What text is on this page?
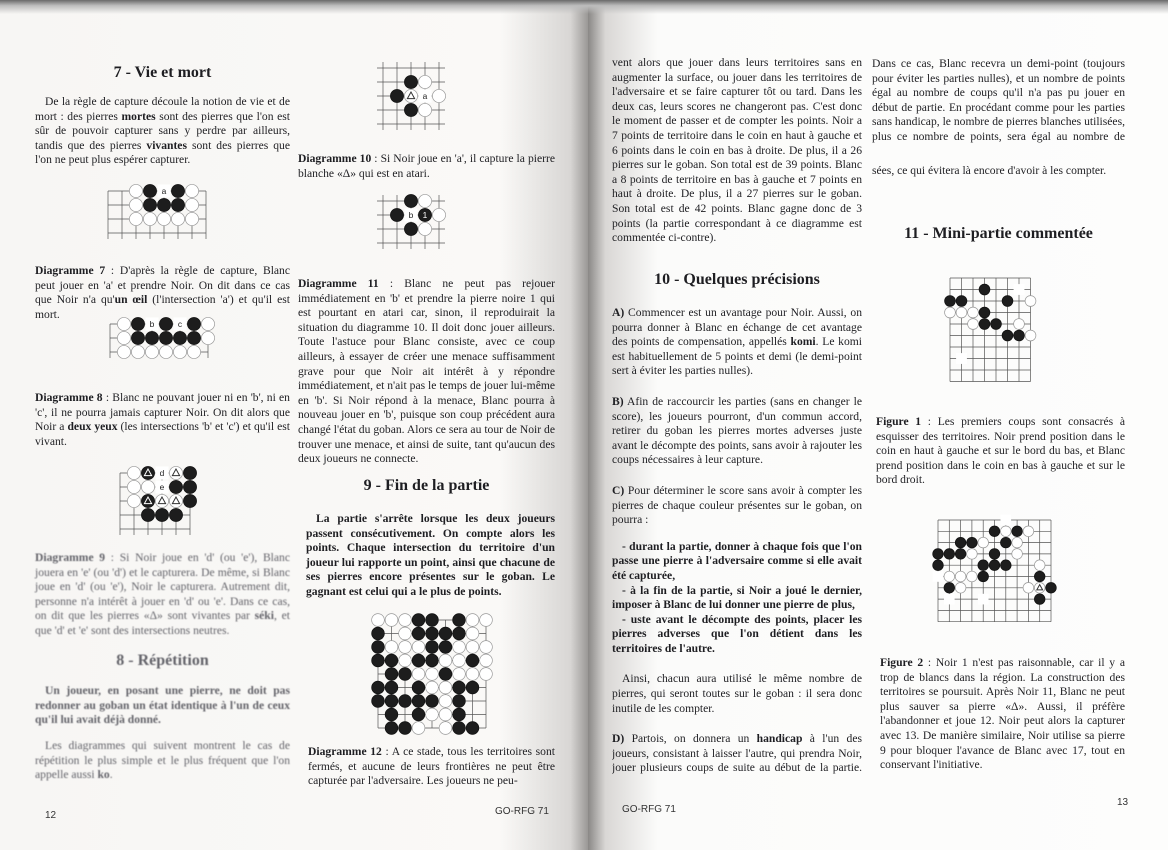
7 - Vie et mort

De la règle de capture découle la notion de vie et de mort : des pierres mortes sont des pierres que l'on est sûr de pouvoir capturer sans y perdre par ailleurs, tandis que des pierres vivantes sont des pierres que l'on ne peut plus espérer capturer.

a

Diagramme 7 : D'après la règle de capture, Blanc peut jouer en 'a' et prendre Noir. On dit dans ce cas que Noir n'a qu'un œil (l'intersection 'a') et qu'il est mort.

b	c

Diagramme 8 : Blanc ne pouvant jouer ni en 'b', ni en 'c', il ne pourra jamais capturer Noir. On dit alors que Noir a deux yeux (les intersections 'b' et 'c') et qu'il est vivant.

d
e

Diagramme 9 : Si Noir joue en 'd' (ou 'e'), Blanc jouera en 'e' (ou 'd') et le capturera. De même, si Blanc joue en 'd' (ou 'e'), Noir le capturera. Autrement dit, personne n'a intérêt à jouer en 'd' ou 'e'. Dans ce cas, on dit que les pierres «Δ» sont vivantes par séki, et que 'd' et 'e' sont des intersections neutres.

8 - Répétition

Un joueur, en posant une pierre, ne doit pas redonner au goban un état identique à l'un de ceux qu'il lui avait déjà donné.

Les diagrammes qui suivent montrent le cas de répétition le plus simple et le plus fréquent que l'on appelle aussi ko.

12
a

Diagramme 10 : Si Noir joue en 'a', il capture la pierre blanche «Δ» qui est en atari.

b 1

Diagramme 11 : Blanc ne peut pas rejouer immédiatement en 'b' et prendre la pierre noire 1 qui est pourtant en atari car, sinon, il reproduirait la situation du diagramme 10. Il doit donc jouer ailleurs. Toute l'astuce pour Blanc consiste, avec ce coup ailleurs, à essayer de créer une menace suffisamment grave pour que Noir ait intérêt à y répondre immédiatement, et n'ait pas le temps de jouer lui-même en 'b'. Si Noir répond à la menace, Blanc pourra à nouveau jouer en 'b', puisque son coup précédent aura changé l'état du goban. Alors ce sera au tour de Noir de trouver une menace, et ainsi de suite, tant qu'aucun des deux joueurs ne connecte.

9 - Fin de la partie

La partie s'arrête lorsque les deux joueurs passent consécutivement. On compte alors les points. Chaque intersection du territoire d'un joueur lui rapporte un point, ainsi que chacune de ses pierres encore présentes sur le goban. Le gagnant est celui qui a le plus de points.

Diagramme 12 : A ce stade, tous les territoires sont fermés, et aucune de leurs frontières ne peut être capturée par l'adversaire. Les joueurs ne peu-

GO-RFG 71

vent alors que jouer dans leurs territoires sans en augmenter la surface, ou jouer dans les territoires de l'adversaire et se faire capturer tôt ou tard. Dans les deux cas, leurs scores ne changeront pas. C'est donc le moment de passer et de compter les points. Noir a 7 points de territoire dans le coin en haut à gauche et 6 points dans le coin en bas à droite. De plus, il a 26 pierres sur le goban. Son total est de 39 points. Blanc a 8 points de territoire en bas à gauche et 7 points en haut à droite. De plus, il a 27 pierres sur le goban. Son total est de 42 points. Blanc gagne donc de 3 points (la partie correspondant à ce diagramme est commentée ci-contre).

10 - Quelques précisions

A) Commencer est un avantage pour Noir. Aussi, on pourra donner à Blanc en échange de cet avantage des points de compensation, appellés komi. Le komi est habituellement de 5 points et demi (le demi-point sert à éviter les parties nulles).

B) Afin de raccourcir les parties (sans en changer le score), les joueurs pourront, d'un commun accord, retirer du goban les pierres mortes adverses juste avant le décompte des points, sans avoir à rajouter les coups nécessaires à leur capture.

C) Pour déterminer le score sans avoir à compter les pierres de chaque couleur présentes sur le goban, on pourra :

- durant la partie, donner à chaque fois que l'on passe une pierre à l'adversaire comme si elle avait été capturée,

- à la fin de la partie, si Noir a joué le dernier, imposer à Blanc de lui donner une pierre de plus,

- uste avant le décompte des points, placer les pierres adverses que l'on détient dans les territoires de l'autre.

Ainsi, chacun aura utilisé le même nombre de pierres, qui seront toutes sur le goban : il sera donc inutile de les compter.

D) Partois, on donnera un handicap à l'un des joueurs, consistant à laisser l'autre, qui prendra Noir, jouer plusieurs coups de suite au début de la partie.

GO-RFG 71

sées, ce qui évitera là encore d'avoir à les compter.

11 - Mini-partie commentée

Figure 1 : Les premiers coups sont consacrés à esquisser des territoires. Noir prend position dans le coin en haut à gauche et sur le bord du bas, et Blanc prend position dans le coin en bas à gauche et sur le bord droit.

Figure 2 : Noir 1 n'est pas raisonnable, car il y a trop de blancs dans la région. La construction des territoires se poursuit. Après Noir 11, Blanc ne peut plus sauver sa pierre «Δ». Aussi, il préfère l'abandonner et joue 12. Noir peut alors la capturer avec 13. De manière similaire, Noir utilise sa pierre 9 pour bloquer l'avance de Blanc avec 17, tout en conservant l'initiative.

13

Dans ce cas, Blanc recevra un demi-point (toujours pour éviter les parties nulles), et un nombre de points égal au nombre de coups qu'il n'a pas pu jouer en début de partie. En procédant comme pour les parties sans handicap, le nombre de pierres blanches utilisées, plus ce nombre de points, sera égal au nombre de
